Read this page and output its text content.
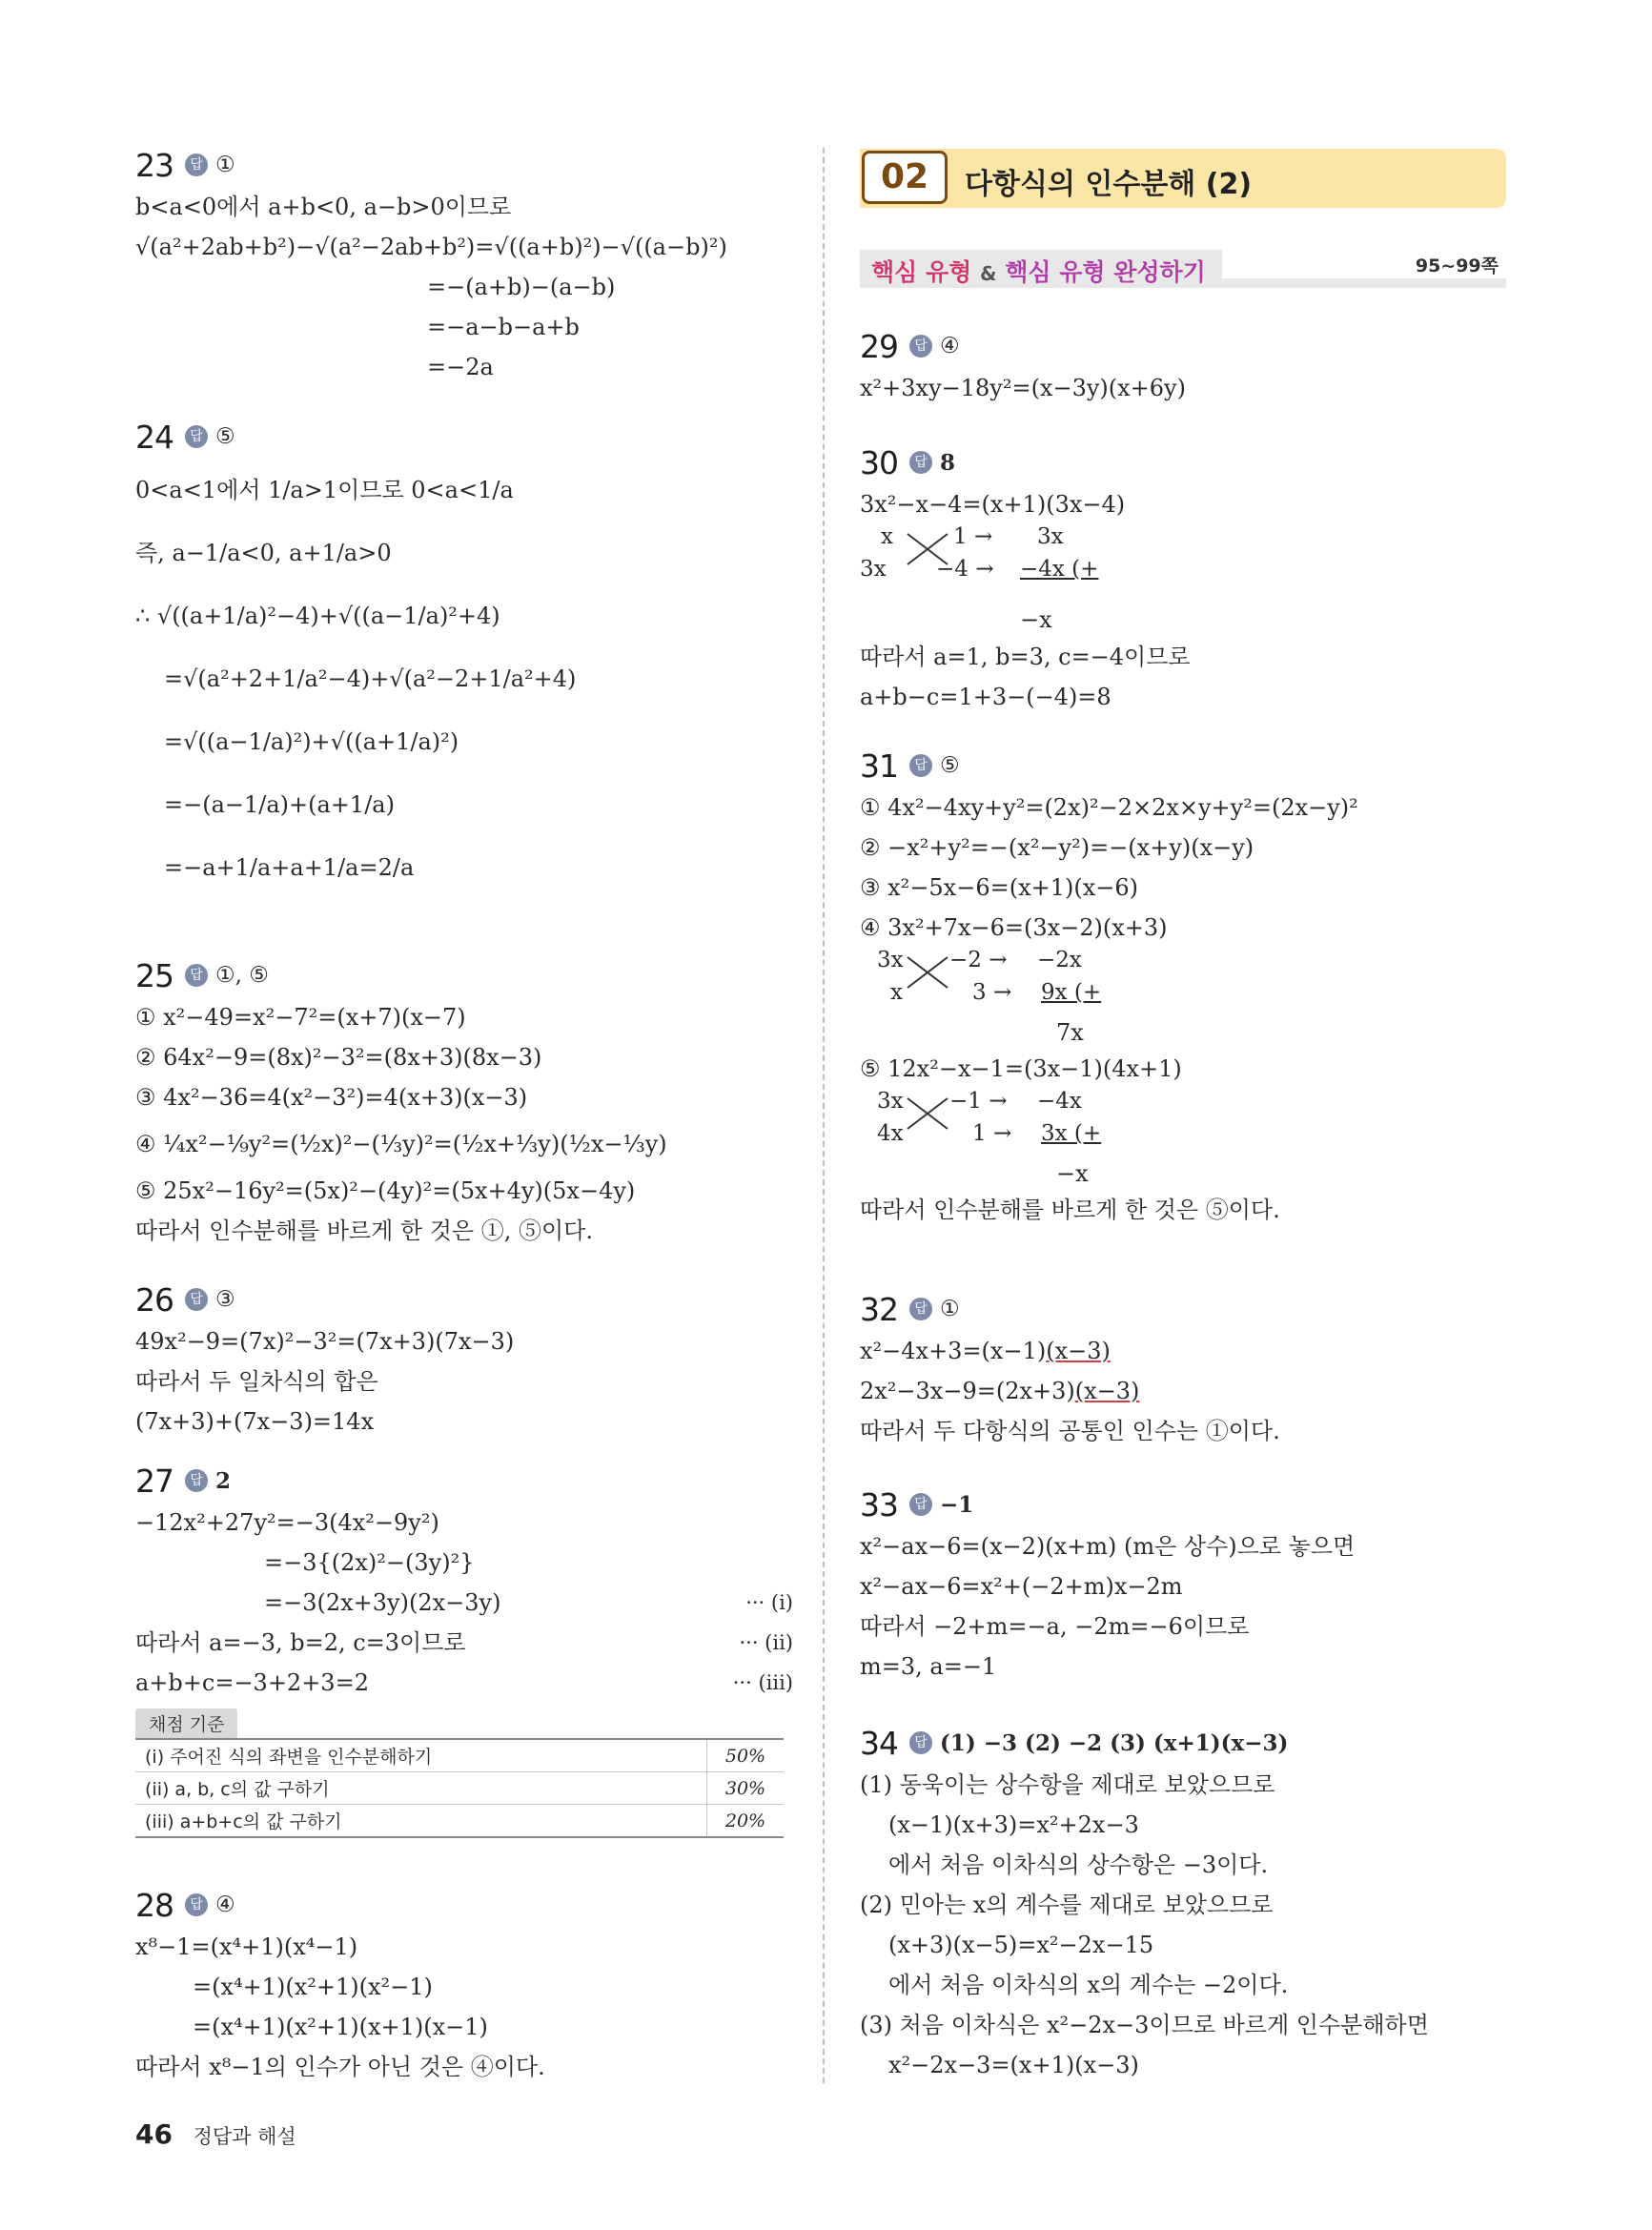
23	답 ①
b<a<0에서 a+b<0, a−b>0이므로
√(a²+2ab+b²)−√(a²−2ab+b²)=√((a+b)²)−√((a−b)²)
=−(a+b)−(a−b)
=−a−b−a+b
=−2a
24	답 ⑤
0<a<1에서 1/a>1이므로 0<a<1/a
즉, a−1/a<0, a+1/a>0
∴ √((a+1/a)²−4)+√((a−1/a)²+4)
=√(a²+2+1/a²−4)+√(a²−2+1/a²+4)
=√((a−1/a)²)+√((a+1/a)²)
=−(a−1/a)+(a+1/a)
=−a+1/a+a+1/a=2/a
25	답 ①, ⑤
① x²−49=x²−7²=(x+7)(x−7)
② 64x²−9=(8x)²−3²=(8x+3)(8x−3)
③ 4x²−36=4(x²−3²)=4(x+3)(x−3)
④ ¼x²−⅑y²=(½x)²−(⅓y)²=(½x+⅓y)(½x−⅓y)
⑤ 25x²−16y²=(5x)²−(4y)²=(5x+4y)(5x−4y)
따라서 인수분해를 바르게 한 것은 ①, ⑤이다.
26	답 ③
49x²−9=(7x)²−3²=(7x+3)(7x−3)
따라서 두 일차식의 합은
(7x+3)+(7x−3)=14x
27	답 2
−12x²+27y²=−3(4x²−9y²)
=−3{(2x)²−(3y)²}
··· (i)
=−3(2x+3y)(2x−3y)
··· (ii)
따라서 a=−3, b=2, c=3이므로
··· (iii)
a+b+c=−3+2+3=2
채점 기준
(i) 주어진 식의 좌변을 인수분해하기	50%
(ii) a, b, c의 값 구하기	30%
(iii) a+b+c의 값 구하기	20%
28	답 ④
x⁸−1=(x⁴+1)(x⁴−1)
=(x⁴+1)(x²+1)(x²−1)
=(x⁴+1)(x²+1)(x+1)(x−1)
따라서 x⁸−1의 인수가 아닌 것은 ④이다.
02	다항식의 인수분해 (2)
핵심 유형 & 핵심 유형 완성하기	95~99쪽
29	답 ④
x²+3xy−18y²=(x−3y)(x+6y)
30	답 8
3x²−x−4=(x+1)(3x−4)
x
3x
1 →
−4 →
3x
−4x (+
−x
따라서 a=1, b=3, c=−4이므로
a+b−c=1+3−(−4)=8
31	답 ⑤
① 4x²−4xy+y²=(2x)²−2×2x×y+y²=(2x−y)²
② −x²+y²=−(x²−y²)=−(x+y)(x−y)
③ x²−5x−6=(x+1)(x−6)
④ 3x²+7x−6=(3x−2)(x+3)
3x
x
−2 →
3 →
−2x
9x (+
7x
⑤ 12x²−x−1=(3x−1)(4x+1)
3x
4x
−1 →
1 →
−4x
3x (+
−x
따라서 인수분해를 바르게 한 것은 ⑤이다.
32	답 ①
x²−4x+3=(x−1)(x−3)
2x²−3x−9=(2x+3)(x−3)
따라서 두 다항식의 공통인 인수는 ①이다.
33	답 −1
x²−ax−6=(x−2)(x+m) (m은 상수)으로 놓으면
x²−ax−6=x²+(−2+m)x−2m
따라서 −2+m=−a, −2m=−6이므로
m=3, a=−1
34	답 (1) −3 (2) −2 (3) (x+1)(x−3)
(1) 동욱이는 상수항을 제대로 보았으므로
(x−1)(x+3)=x²+2x−3
에서 처음 이차식의 상수항은 −3이다.
(2) 민아는 x의 계수를 제대로 보았으므로
(x+3)(x−5)=x²−2x−15
에서 처음 이차식의 x의 계수는 −2이다.
(3) 처음 이차식은 x²−2x−3이므로 바르게 인수분해하면
x²−2x−3=(x+1)(x−3)
46 정답과 해설
